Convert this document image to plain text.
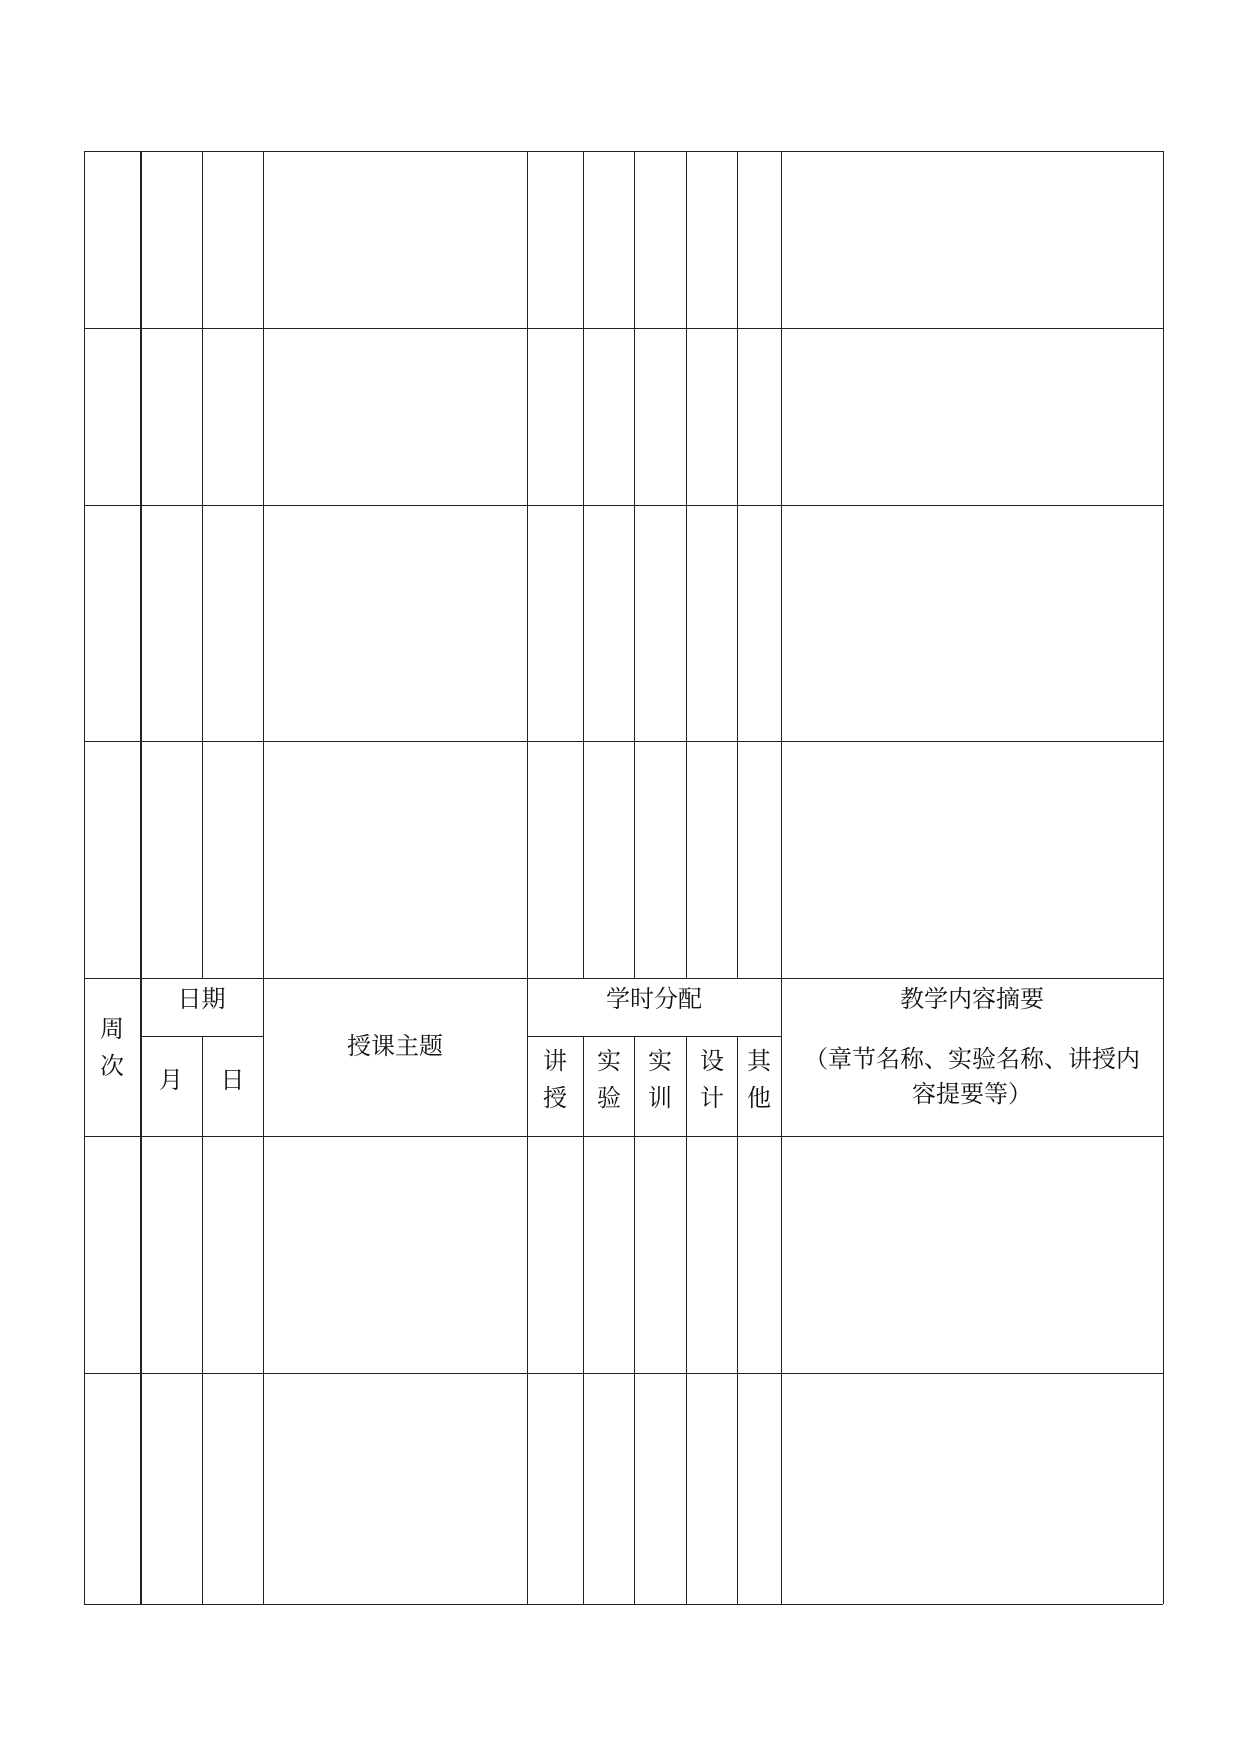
周次
日期
月	日
授课主题
学时分配
讲授
实验
实训
设计
其他
教学内容摘要
（章节名称、实验名称、讲授内
容提要等）
